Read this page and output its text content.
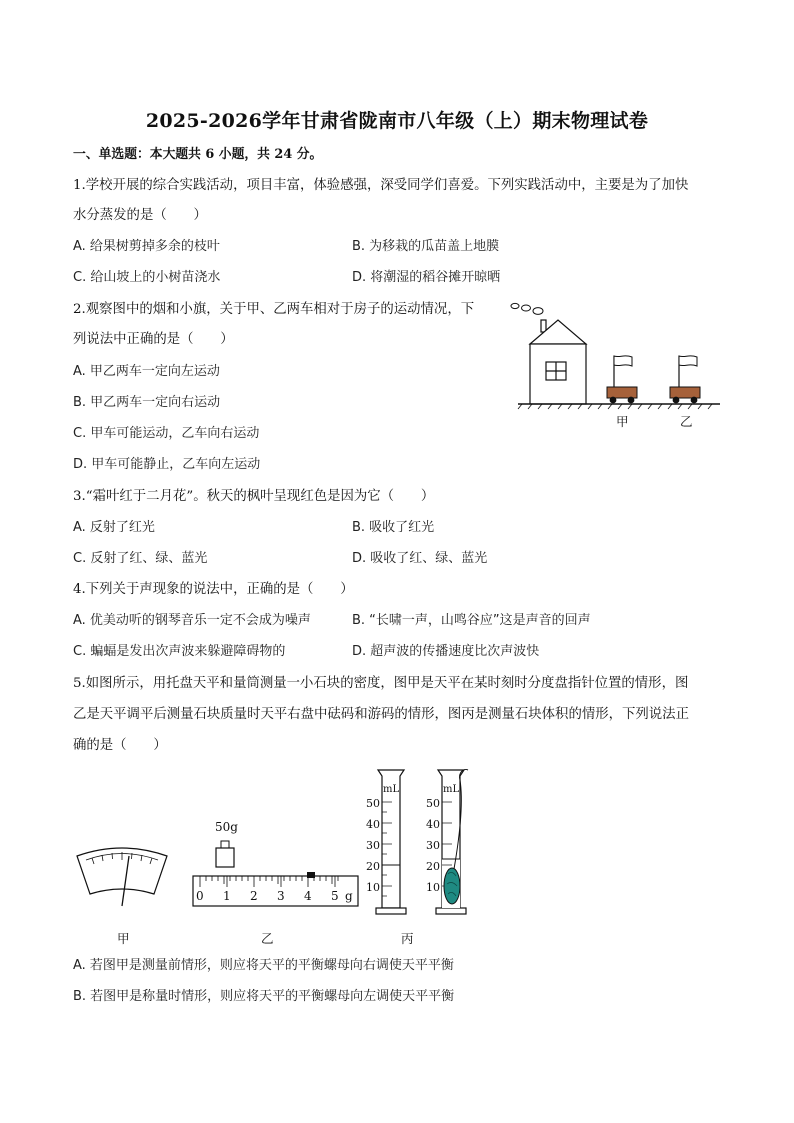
2025-2026学年甘肃省陇南市八年级（上）期末物理试卷
一、单选题：本大题共 6 小题，共 24 分。
1.学校开展的综合实践活动，项目丰富，体验感强，深受同学们喜爱。下列实践活动中，主要是为了加快
水分蒸发的是（　　）
A. 给果树剪掉多余的枝叶	B. 为移栽的瓜苗盖上地膜
C. 给山坡上的小树苗浇水	D. 将潮湿的稻谷摊开晾晒
2.观察图中的烟和小旗，关于甲、乙两车相对于房子的运动情况，下
列说法中正确的是（　　）
A. 甲乙两车一定向左运动
B. 甲乙两车一定向右运动
C. 甲车可能运动，乙车向右运动
D. 甲车可能静止，乙车向左运动
甲	乙
3.“霜叶红于二月花”。秋天的枫叶呈现红色是因为它（　　）
A. 反射了红光	B. 吸收了红光
C. 反射了红、绿、蓝光	D. 吸收了红、绿、蓝光
4.下列关于声现象的说法中，正确的是（　　）
A. 优美动听的钢琴音乐一定不会成为噪声	B. “长啸一声，山鸣谷应”这是声音的回声
C. 蝙蝠是发出次声波来躲避障碍物的	D. 超声波的传播速度比次声波快
5.如图所示，用托盘天平和量筒测量一小石块的密度，图甲是天平在某时刻时分度盘指针位置的情形，图
乙是天平调平后测量石块质量时天平右盘中砝码和游码的情形，图丙是测量石块体积的情形，下列说法正
确的是（　　）
50g
0 1 2 3 4 5 g
mL
50
40
30
20
10
mL
50
40
30
20
10
甲	乙	丙
A. 若图甲是测量前情形，则应将天平的平衡螺母向右调使天平平衡
B. 若图甲是称量时情形，则应将天平的平衡螺母向左调使天平平衡
